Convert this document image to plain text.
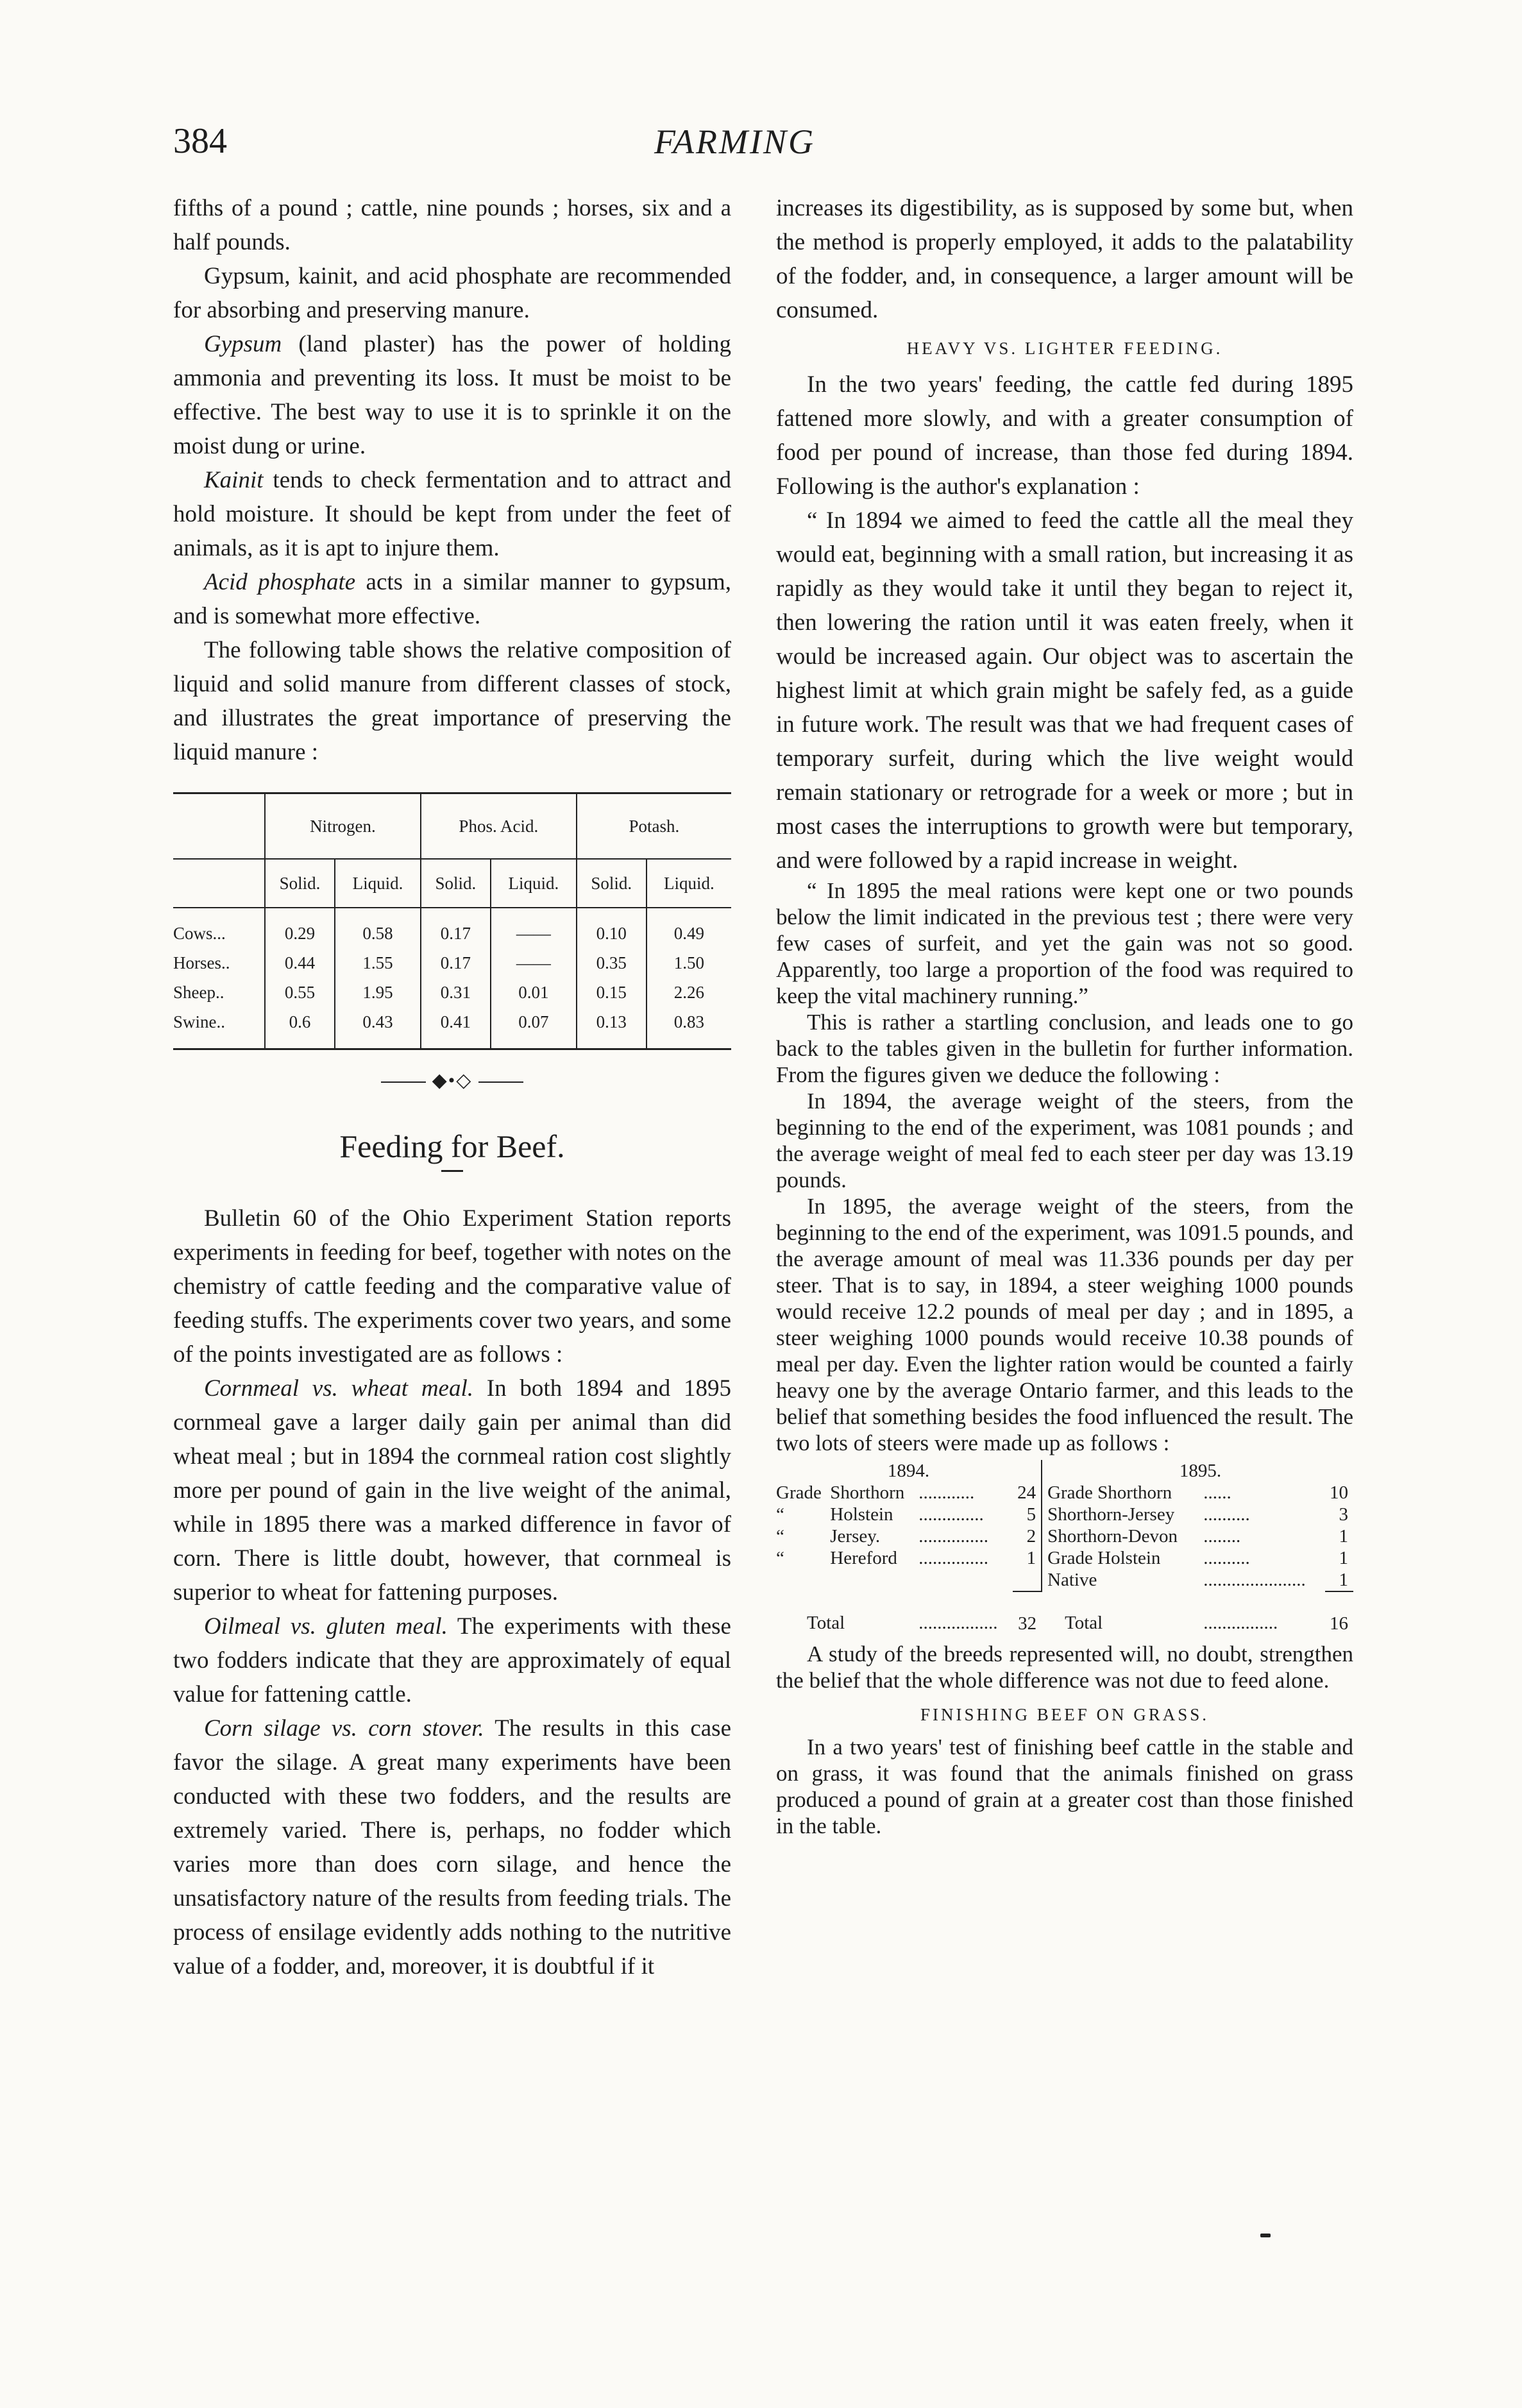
384	FARMING

fifths of a pound ; cattle, nine pounds ; horses, six and a half pounds.

Gypsum, kainit, and acid phosphate are recommended for absorbing and preserving manure.

Gypsum (land plaster) has the power of holding ammonia and preventing its loss. It must be moist to be effective. The best way to use it is to sprinkle it on the moist dung or urine.

Kainit tends to check fermentation and to attract and hold moisture. It should be kept from under the feet of animals, as it is apt to injure them.

Acid phosphate acts in a similar manner to gypsum, and is somewhat more effective.

The following table shows the relative composition of liquid and solid manure from different classes of stock, and illustrates the great importance of preserving the liquid manure :

	Nitrogen.		Phos. Acid.		Potash.	
	Solid.	Liquid.	Solid.	Liquid.	Solid.	Liquid.
Cows...	0.29	0.58	0.17	——	0.10	0.49
Horses..	0.44	1.55	0.17	——	0.35	1.50
Sheep..	0.55	1.95	0.31	0.01	0.15	2.26
Swine..	0.6	0.43	0.41	0.07	0.13	0.83
◆•◇
Feeding for Beef.

Bulletin 60 of the Ohio Experiment Station reports experiments in feeding for beef, together with notes on the chemistry of cattle feeding and the comparative value of feeding stuffs. The experiments cover two years, and some of the points investigated are as follows :

Cornmeal vs. wheat meal. In both 1894 and 1895 cornmeal gave a larger daily gain per animal than did wheat meal ; but in 1894 the cornmeal ration cost slightly more per pound of gain in the live weight of the animal, while in 1895 there was a marked difference in favor of corn. There is little doubt, however, that cornmeal is superior to wheat for fattening purposes.

Oilmeal vs. gluten meal. The experiments with these two fodders indicate that they are approximately of equal value for fattening cattle.

Corn silage vs. corn stover. The results in this case favor the silage. A great many experiments have been conducted with these two fodders, and the results are extremely varied. There is, perhaps, no fodder which varies more than does corn silage, and hence the unsatisfactory nature of the results from feeding trials. The process of ensilage evidently adds nothing to the nutritive value of a fodder, and, moreover, it is doubtful if it

increases its digestibility, as is supposed by some but, when the method is properly employed, it adds to the palatability of the fodder, and, in consequence, a larger amount will be consumed.

HEAVY VS. LIGHTER FEEDING.

In the two years' feeding, the cattle fed during 1895 fattened more slowly, and with a greater consumption of food per pound of increase, than those fed during 1894. Following is the author's explanation :

“ In 1894 we aimed to feed the cattle all the meal they would eat, beginning with a small ration, but increasing it as rapidly as they would take it until they began to reject it, then lowering the ration until it was eaten freely, when it would be increased again. Our object was to ascertain the highest limit at which grain might be safely fed, as a guide in future work. The result was that we had frequent cases of temporary surfeit, during which the live weight would remain stationary or retrograde for a week or more ; but in most cases the interruptions to growth were but temporary, and were followed by a rapid increase in weight.

“ In 1895 the meal rations were kept one or two pounds below the limit indicated in the previous test ; there were very few cases of surfeit, and yet the gain was not so good. Apparently, too large a proportion of the food was required to keep the vital machinery running.”

This is rather a startling conclusion, and leads one to go back to the tables given in the bulletin for further information. From the figures given we deduce the following :

In 1894, the average weight of the steers, from the beginning to the end of the experiment, was 1081 pounds ; and the average weight of meal fed to each steer per day was 13.19 pounds.

In 1895, the average weight of the steers, from the beginning to the end of the experiment, was 1091.5 pounds, and the average amount of meal was 11.336 pounds per day per steer. That is to say, in 1894, a steer weighing 1000 pounds would receive 12.2 pounds of meal per day ; and in 1895, a steer weighing 1000 pounds would receive 10.38 pounds of meal per day. Even the lighter ration would be counted a fairly heavy one by the average Ontario farmer, and this leads to the belief that something besides the food influenced the result. The two lots of steers were made up as follows :

1894.				1895.		
Grade	Shorthorn	............	24	Grade Shorthorn	......	10
“	Holstein	..............	5	Shorthorn-Jersey	..........	3
“	Jersey.	...............	2	Shorthorn-Devon	........	1
“	Hereford	...............	1	Grade Holstein	..........	1
				Native	......................	1
Total		.................	32	Total	................	16

A study of the breeds represented will, no doubt, strengthen the belief that the whole difference was not due to feed alone.

FINISHING BEEF ON GRASS.

In a two years' test of finishing beef cattle in the stable and on grass, it was found that the animals finished on grass produced a pound of grain at a greater cost than those finished in the table.
